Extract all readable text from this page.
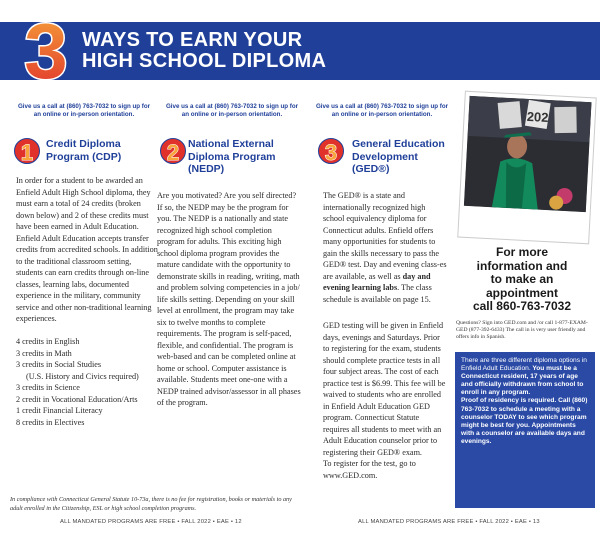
3 WAYS TO EARN YOUR
HIGH SCHOOL DIPLOMA
Give us a call at (860) 763-7032 to sign up for an online or in-person orientation.
Give us a call at (860) 763-7032 to sign up for an online or in-person orientation.
Give us a call at (860) 763-7032 to sign up for an online or in-person orientation.
1 Credit Diploma
Program (CDP)
In order for a student to be awarded an Enfield Adult High School diploma, they must earn a total of 24 credits (broken down below) and 2 of these credits must have been earned in Adult Education. Enfield Adult Education accepts transfer credits from accredited schools. In addition to the traditional classroom setting, students can earn credits through on-line classes, learning labs, documented experience in the military, community service and other non-traditional learning experiences.
4 credits in English
3 credits in Math
3 credits in Social Studies
(U.S. History and Civics required)
3 credits in Science
2 credit in Vocational Education/Arts
1 credit Financial Literacy
8 credits in Electives
2 National External
Diploma Program
(NEDP)
Are you motivated? Are you self directed? If so, the NEDP may be the program for you. The NEDP is a nationally and state recognized high school completion program for adults. This exciting high school diploma program provides the mature candidate with the opportunity to demonstrate skills in reading, writing, math and problem solving competencies in a job/ life skills setting. Depending on your skill level at enrollment, the program may take six to twelve months to complete requirements. The program is self-paced, flexible, and confidential. The program is web-based and can be completed online at home or school. Computer assistance is available. Students meet one-one with a NEDP trained advisor/assessor in all phases of the program.
3 General Education
Development
(GED®)
The GED® is a state and internationally recognized high school equivalency diploma for Connecticut adults. Enfield offers many opportunities for students to gain the skills necessary to pass the GED® test. Day and evening class-es are available, as well as day and evening learning labs. The class schedule is available on page 15.
GED testing will be given in Enfield days, evenings and Saturdays. Prior to registering for the exam, students should complete practice tests in all four subject areas. The cost of each practice test is $6.99. This fee will be waived to students who are enrolled in Enfield Adult Education GED program. Connecticut Statute requires all students to meet with an Adult Education counselor prior to registering their GED® exam.
To register for the test, go to www.GED.com.
202
For more
information and
to make an
appointment
call 860-763-7032
Questions? Sign into GED.com and /or call 1-877-EXAM-GED (877-392-6433) The call in is very user friendly and offers info in Spanish.
There are three different diploma options in Enfield Adult Education. You must be a Connecticut resident, 17 years of age and officially withdrawn from school to enroll in any program.
Proof of residency is required. Call (860) 763-7032 to schedule a meeting with a counselor TODAY to see which program might be best for you. Appointments with a counselor are available days and evenings.
In compliance with Connecticut General Statute 10-73a, there is no fee for registration, books or materials to any adult enrolled in the Citizenship, ESL or high school completion programs.
ALL MANDATED PROGRAMS ARE FREE • FALL 2022 • EAE • 12	ALL MANDATED PROGRAMS ARE FREE • FALL 2022 • EAE • 13
